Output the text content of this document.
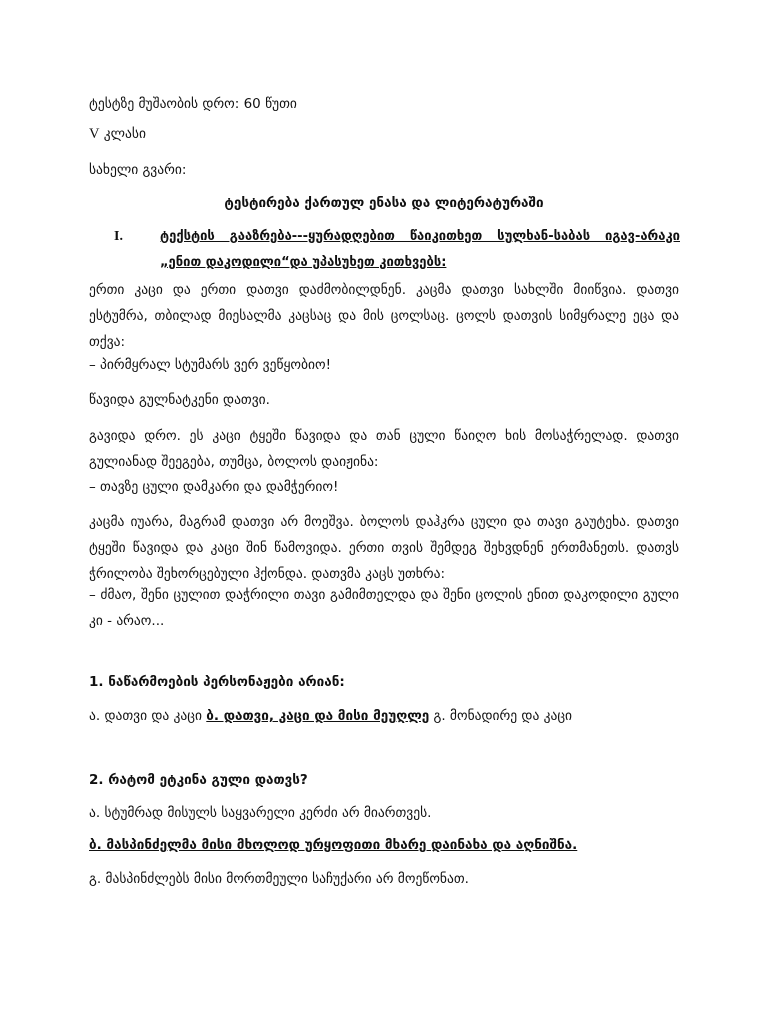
ტესტზე მუშაობის დრო: 60 წუთი
V კლასი
სახელი გვარი:
ტესტირება ქართულ ენასა და ლიტერატურაში
I.	ტექსტის გააზრება---ყურადღებით წაიკითხეთ სულხან-საბას იგავ-არაკი „ენით დაკოდილი“და უპასუხეთ კითხვებს:
ერთი კაცი და ერთი დათვი დაძმობილდნენ. კაცმა დათვი სახლში მიიწვია. დათვი ესტუმრა, თბილად მიესალმა კაცსაც და მის ცოლსაც. ცოლს დათვის სიმყრალე ეცა და თქვა:
– პირმყრალ სტუმარს ვერ ვეწყობიო!
წავიდა გულნატკენი დათვი.
გავიდა დრო. ეს კაცი ტყეში წავიდა და თან ცული წაიღო ხის მოსაჭრელად. დათვი გულიანად შეეგება, თუმცა, ბოლოს დაიჟინა:
– თავზე ცული დამკარი და დამჭერიო!
კაცმა იუარა, მაგრამ დათვი არ მოეშვა. ბოლოს დაჰკრა ცული და თავი გაუტეხა. დათვი ტყეში წავიდა და კაცი შინ წამოვიდა. ერთი თვის შემდეგ შეხვდნენ ერთმანეთს. დათვს ჭრილობა შეხორცებული ჰქონდა. დათვმა კაცს უთხრა:
– ძმაო, შენი ცულით დაჭრილი თავი გამიმთელდა და შენი ცოლის ენით დაკოდილი გული კი - არაო...
1. ნაწარმოების პერსონაჟები არიან:
ა. დათვი და კაცი ბ. დათვი, კაცი და მისი მეუღლე გ. მონადირე და კაცი
2. რატომ ეტკინა გული დათვს?
ა. სტუმრად მისულს საყვარელი კერძი არ მიართვეს.
ბ. მასპინძელმა მისი მხოლოდ ურყოფითი მხარე დაინახა და აღნიშნა.
გ. მასპინძლებს მისი მორთმეული საჩუქარი არ მოეწონათ.
